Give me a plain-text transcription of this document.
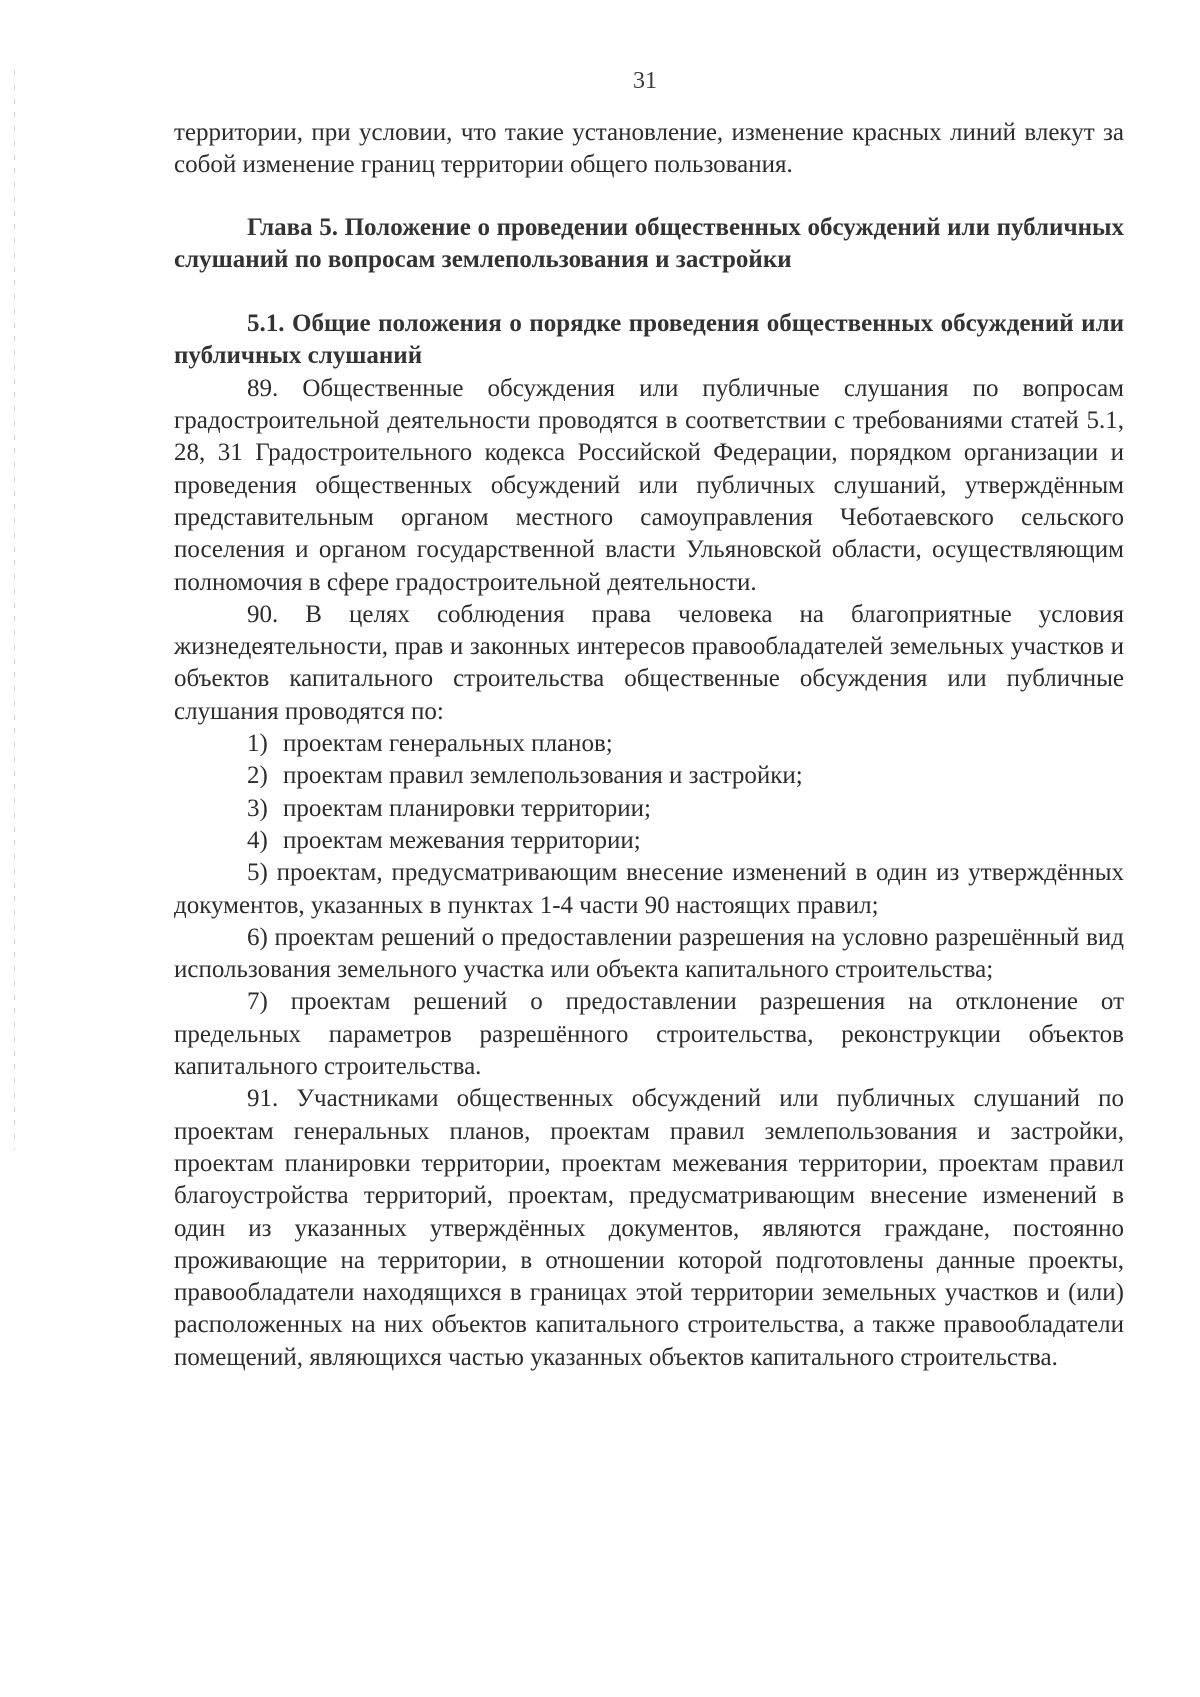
31

территории, при условии, что такие установление, изменение красных линий влекут за собой изменение границ территории общего пользования.

Глава 5. Положение о проведении общественных обсуждений или публичных слушаний по вопросам землепользования и застройки

5.1. Общие положения о порядке проведения общественных обсуждений или публичных слушаний

89. Общественные обсуждения или публичные слушания по вопросам градостроительной деятельности проводятся в соответствии с требованиями статей 5.1, 28, 31 Градостроительного кодекса Российской Федерации, порядком организации и проведения общественных обсуждений или публичных слушаний, утверждённым представительным органом местного самоуправления Чеботаевского сельского поселения и органом государственной власти Ульяновской области, осуществляющим полномочия в сфере градостроительной деятельности.

90. В целях соблюдения права человека на благоприятные условия жизнедеятельности, прав и законных интересов правообладателей земельных участков и объектов капитального строительства общественные обсуждения или публичные слушания проводятся по:

1) проектам генеральных планов;

2) проектам правил землепользования и застройки;

3) проектам планировки территории;

4) проектам межевания территории;

5) проектам, предусматривающим внесение изменений в один из утверждённых документов, указанных в пунктах 1-4 части 90 настоящих правил;

6) проектам решений о предоставлении разрешения на условно разрешённый вид использования земельного участка или объекта капитального строительства;

7) проектам решений о предоставлении разрешения на отклонение от предельных параметров разрешённого строительства, реконструкции объектов капитального строительства.

91. Участниками общественных обсуждений или публичных слушаний по проектам генеральных планов, проектам правил землепользования и застройки, проектам планировки территории, проектам межевания территории, проектам правил благоустройства территорий, проектам, предусматривающим внесение изменений в один из указанных утверждённых документов, являются граждане, постоянно проживающие на территории, в отношении которой подготовлены данные проекты, правообладатели находящихся в границах этой территории земельных участков и (или) расположенных на них объектов капитального строительства, а также правообладатели помещений, являющихся частью указанных объектов капитального строительства.
